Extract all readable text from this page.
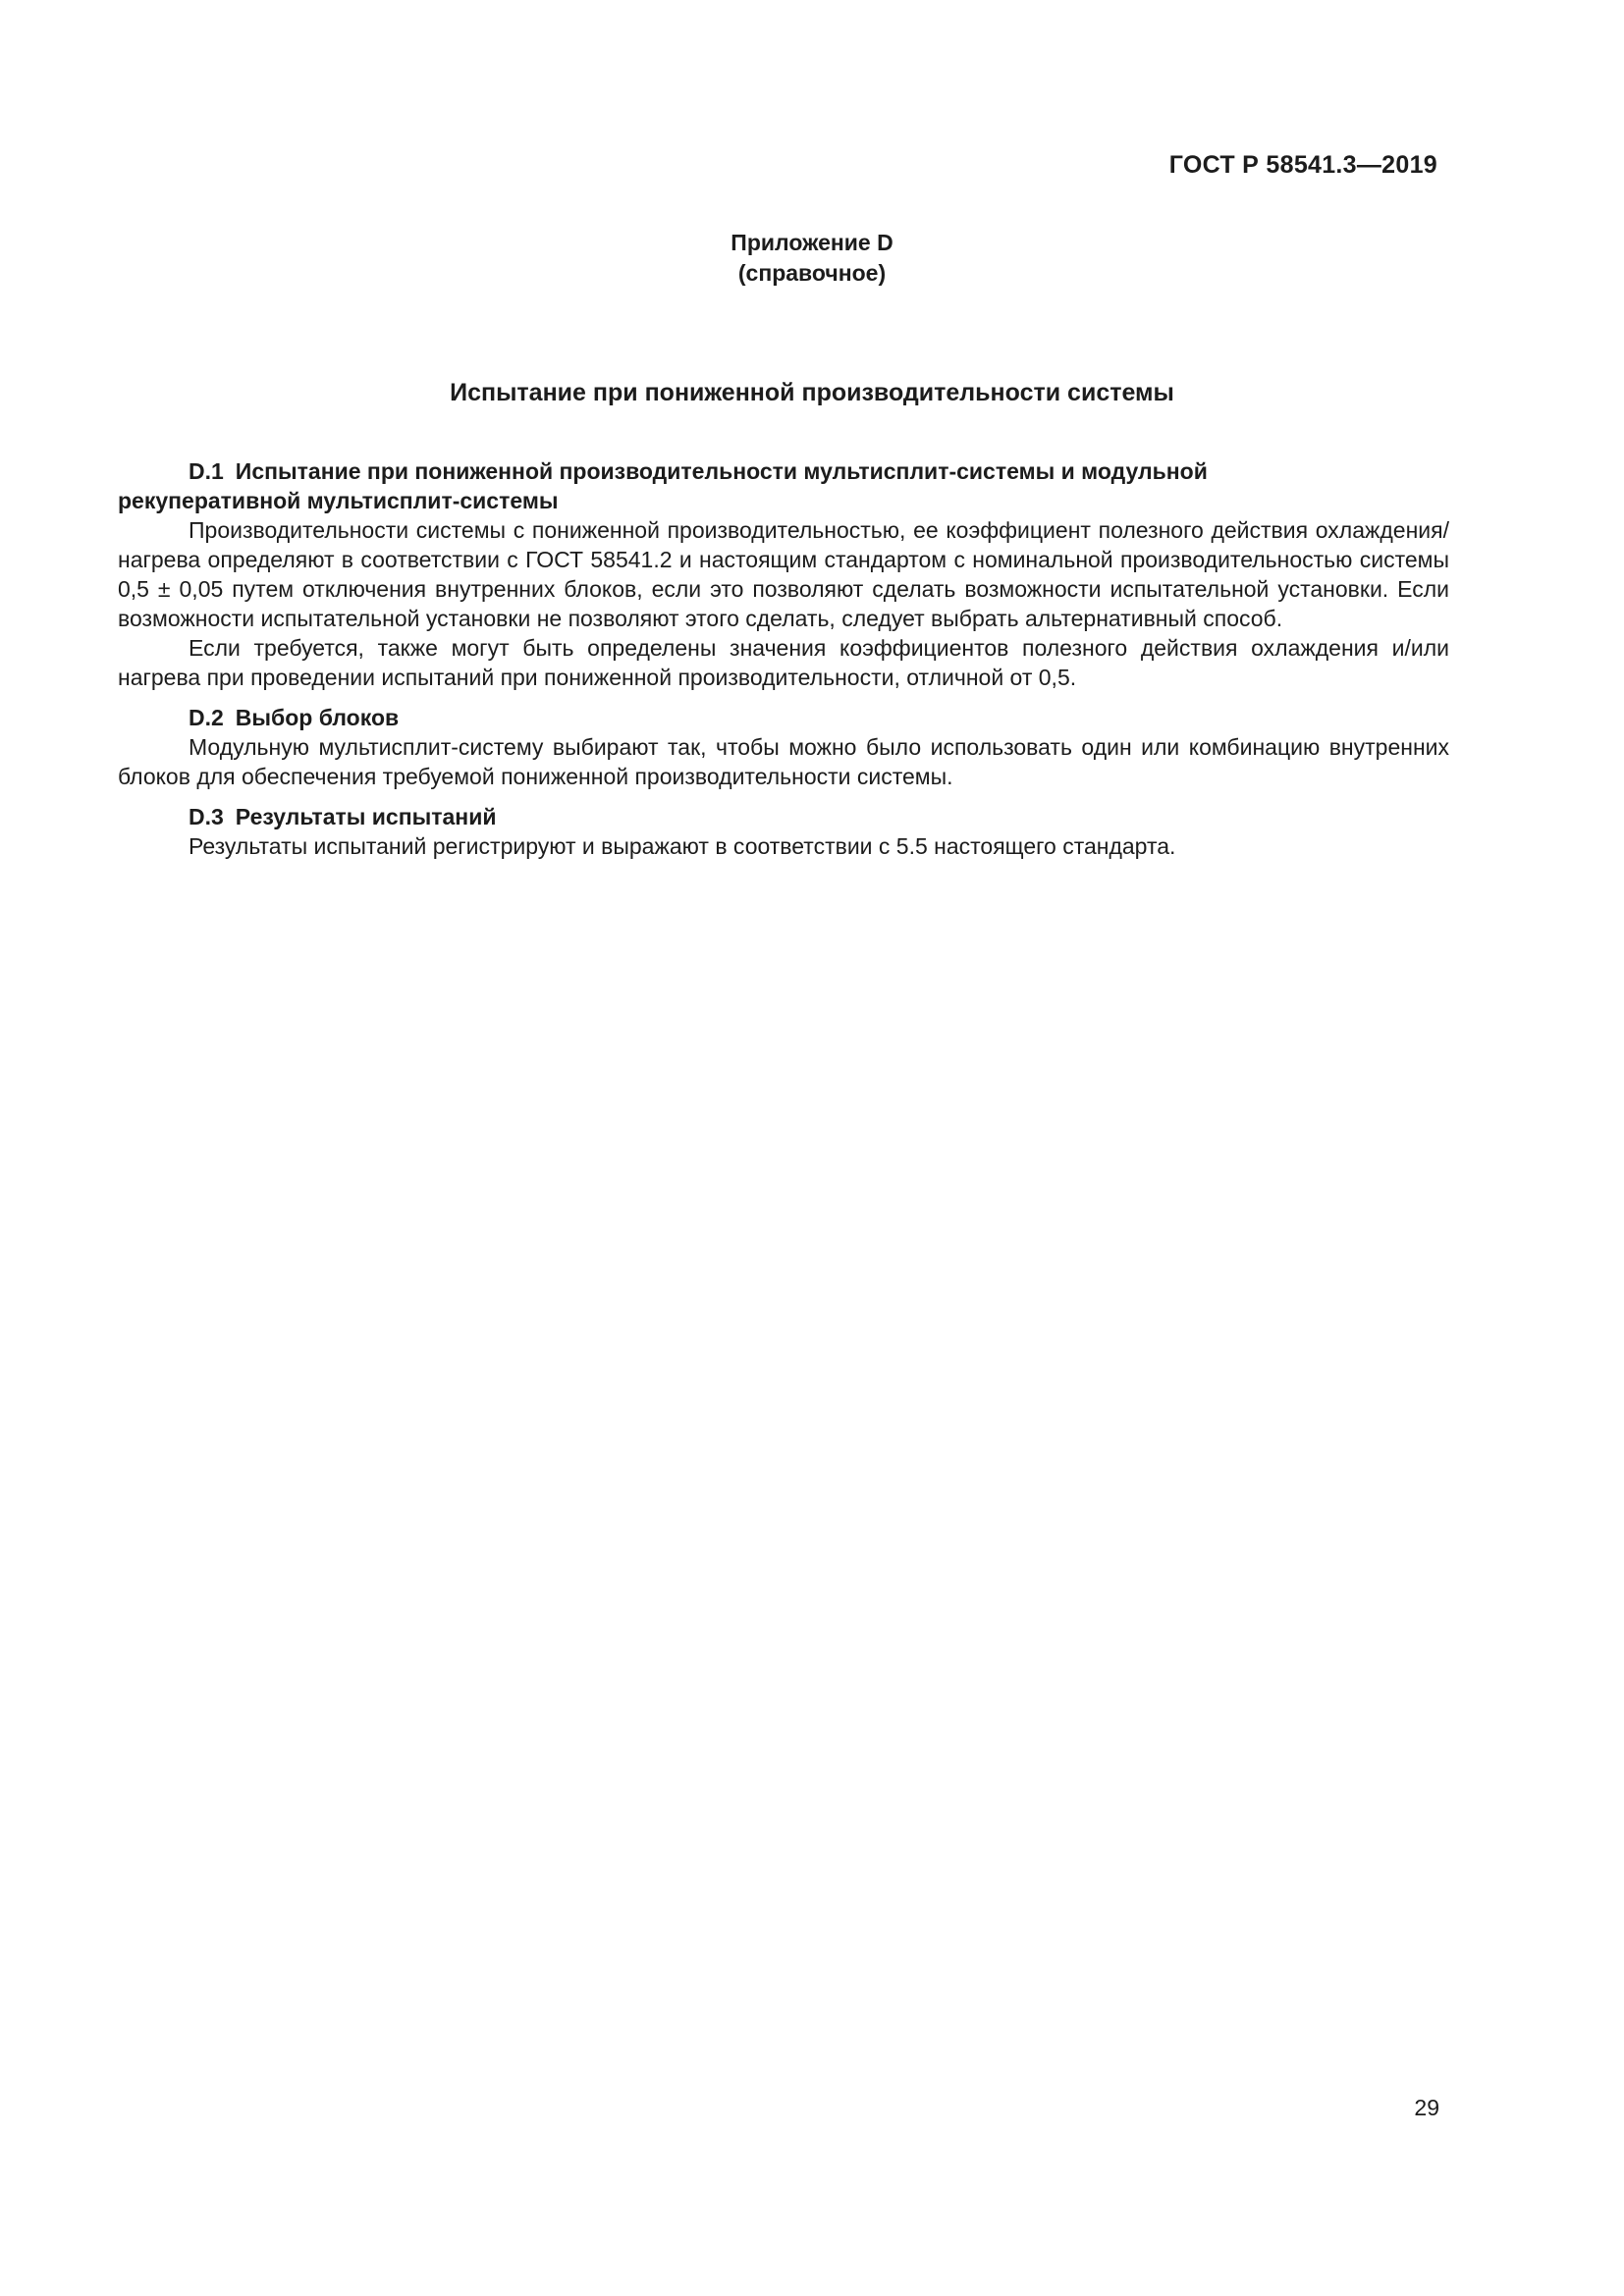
ГОСТ Р 58541.3—2019
Приложение D
(справочное)
Испытание при пониженной производительности системы
D.1 Испытание при пониженной производительности мультисплит-системы и модульной
рекуперативной мультисплит-системы

Производительности системы с пониженной производительностью, ее коэффициент полезного действия охлаждения/нагрева определяют в соответствии с ГОСТ 58541.2 и настоящим стандартом с номинальной производительностью системы 0,5 ± 0,05 путем отключения внутренних блоков, если это позволяют сделать возможности испытательной установки. Если возможности испытательной установки не позволяют этого сделать, следует выбрать альтернативный способ.

Если требуется, также могут быть определены значения коэффициентов полезного действия охлаждения и/или нагрева при проведении испытаний при пониженной производительности, отличной от 0,5.

D.2 Выбор блоков

Модульную мультисплит-систему выбирают так, чтобы можно было использовать один или комбинацию внутренних блоков для обеспечения требуемой пониженной производительности системы.

D.3 Результаты испытаний

Результаты испытаний регистрируют и выражают в соответствии с 5.5 настоящего стандарта.

29
